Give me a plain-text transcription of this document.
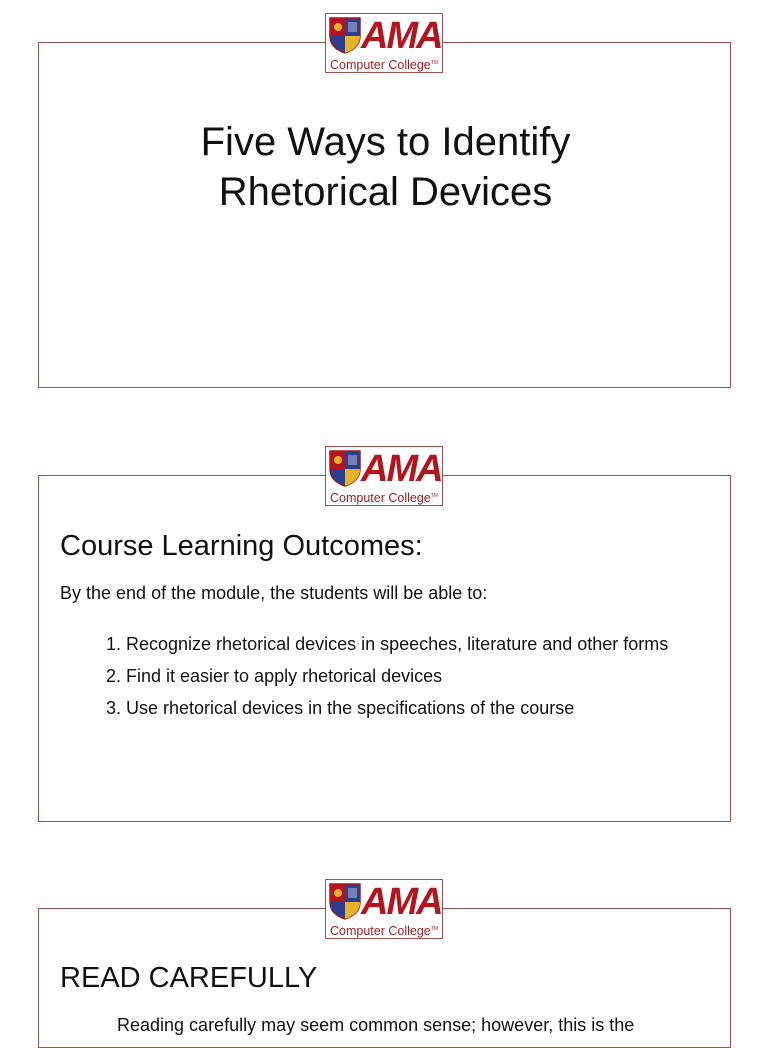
Five Ways to Identify
Rhetorical Devices
AMA
Computer College™
Course Learning Outcomes:
By the end of the module, the students will be able to:
1. Recognize rhetorical devices in speeches, literature and other forms
2. Find it easier to apply rhetorical devices
3. Use rhetorical devices in the specifications of the course
AMA
Computer College™
READ CAREFULLY
Reading carefully may seem common sense; however, this is the
AMA
Computer College™
